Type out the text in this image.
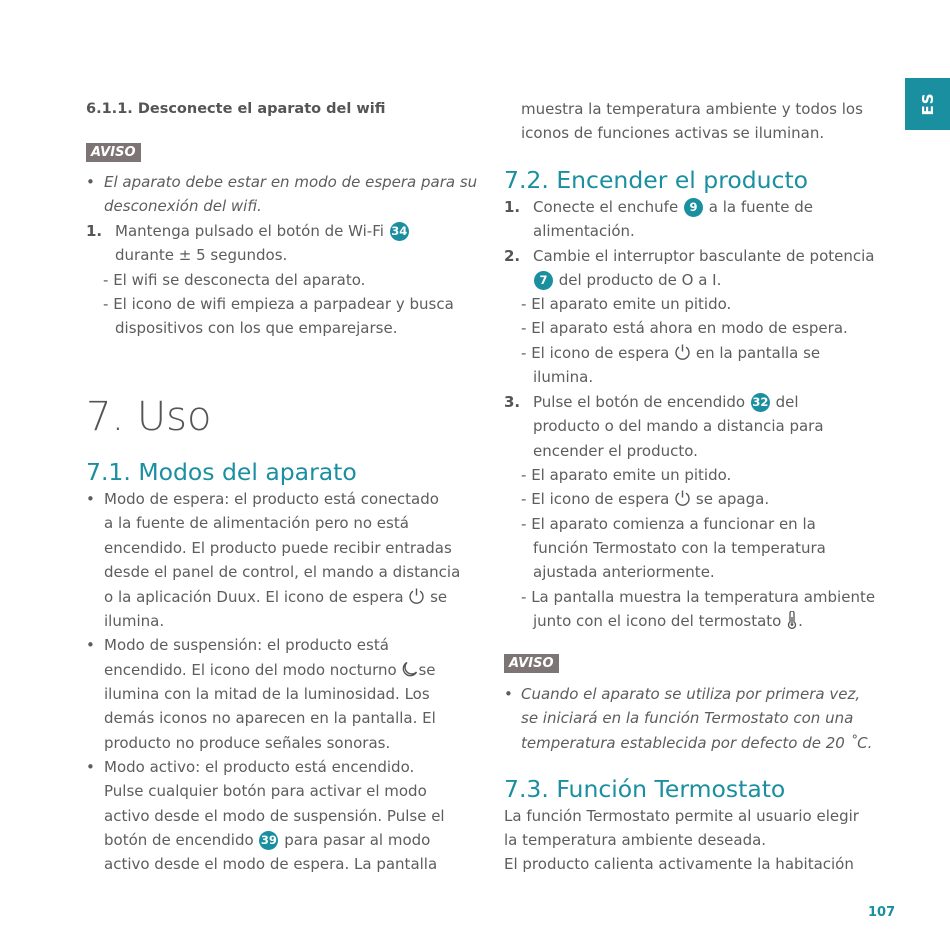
ES
6.1.1. Desconecte el aparato del wifi
AVISO
• El aparato debe estar en modo de espera para su
desconexión del wifi.
1. Mantenga pulsado el botón de Wi-Fi 34
durante ± 5 segundos.
- El wifi se desconecta del aparato.
- El icono de wifi empieza a parpadear y busca
dispositivos con los que emparejarse.
7. Uso
7.1. Modos del aparato
• Modo de espera: el producto está conectado
a la fuente de alimentación pero no está
encendido. El producto puede recibir entradas
desde el panel de control, el mando a distancia
o la aplicación Duux. El icono de espera se
ilumina.
• Modo de suspensión: el producto está
encendido. El icono del modo nocturno se
ilumina con la mitad de la luminosidad. Los
demás iconos no aparecen en la pantalla. El
producto no produce señales sonoras.
• Modo activo: el producto está encendido.
Pulse cualquier botón para activar el modo
activo desde el modo de suspensión. Pulse el
botón de encendido 39 para pasar al modo
activo desde el modo de espera. La pantalla
muestra la temperatura ambiente y todos los
iconos de funciones activas se iluminan.
7.2. Encender el producto
1. Conecte el enchufe 9 a la fuente de
alimentación.
2. Cambie el interruptor basculante de potencia
7 del producto de O a I.
- El aparato emite un pitido.
- El aparato está ahora en modo de espera.
- El icono de espera en la pantalla se
ilumina.
3. Pulse el botón de encendido 32 del
producto o del mando a distancia para
encender el producto.
- El aparato emite un pitido.
- El icono de espera se apaga.
- El aparato comienza a funcionar en la
función Termostato con la temperatura
ajustada anteriormente.
- La pantalla muestra la temperatura ambiente
junto con el icono del termostato .
AVISO
• Cuando el aparato se utiliza por primera vez,
se iniciará en la función Termostato con una
temperatura establecida por defecto de 20 ˚C.
7.3. Función Termostato
La función Termostato permite al usuario elegir
la temperatura ambiente deseada.
El producto calienta activamente la habitación
107
